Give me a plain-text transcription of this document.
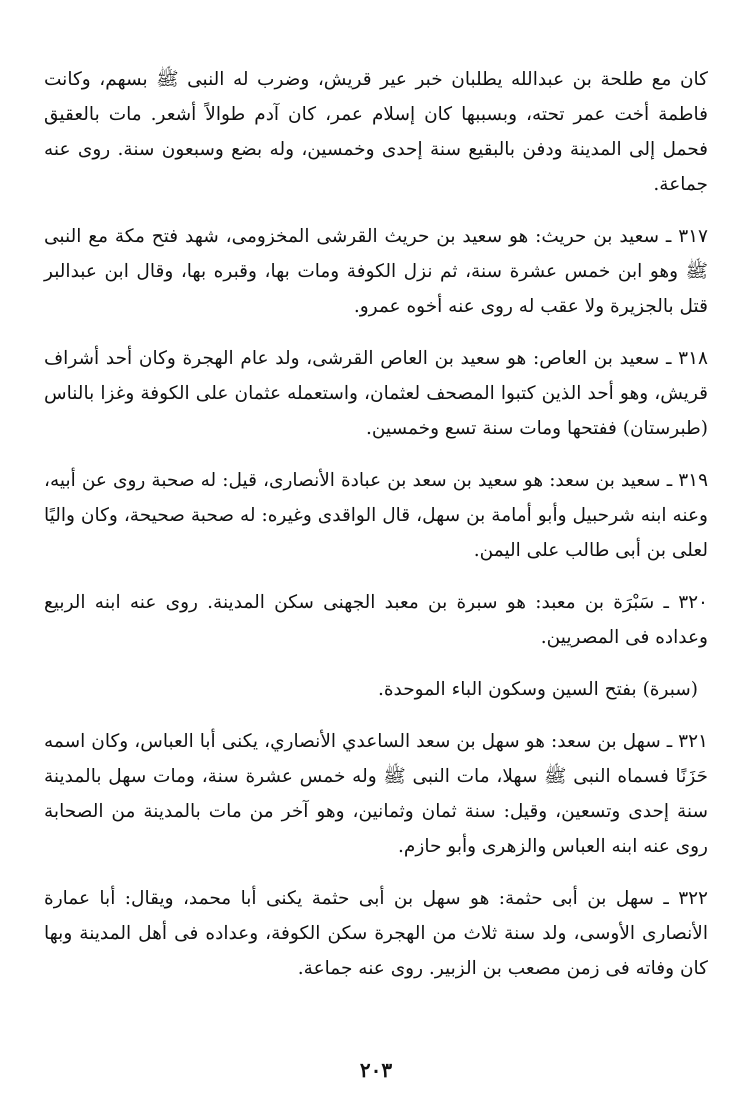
كان مع طلحة بن عبدالله يطلبان خبر عير قريش، وضرب له النبى ﷺ بسهم، وكانت فاطمة أخت عمر تحته، وبسببها كان إسلام عمر، كان آدم طوالاً أشعر. مات بالعقيق فحمل إلى المدينة ودفن بالبقيع سنة إحدى وخمسين، وله بضع وسبعون سنة. روى عنه جماعة.

٣١٧ ـ سعيد بن حريث: هو سعيد بن حريث القرشى المخزومى، شهد فتح مكة مع النبى ﷺ وهو ابن خمس عشرة سنة، ثم نزل الكوفة ومات بها، وقبره بها، وقال ابن عبدالبر قتل بالجزيرة ولا عقب له روى عنه أخوه عمرو.

٣١٨ ـ سعيد بن العاص: هو سعيد بن العاص القرشى، ولد عام الهجرة وكان أحد أشراف قريش، وهو أحد الذين كتبوا المصحف لعثمان، واستعمله عثمان على الكوفة وغزا بالناس (طبرستان) ففتحها ومات سنة تسع وخمسين.

٣١٩ ـ سعيد بن سعد: هو سعيد بن سعد بن عبادة الأنصارى، قيل: له صحبة روى عن أبيه، وعنه ابنه شرحبيل وأبو أمامة بن سهل، قال الواقدى وغيره: له صحبة صحيحة، وكان واليًا لعلى بن أبى طالب على اليمن.

٣٢٠ ـ سَبْرَة بن معبد: هو سبرة بن معبد الجهنى سكن المدينة. روى عنه ابنه الربيع وعداده فى المصريين.

(سبرة) بفتح السين وسكون الباء الموحدة.

٣٢١ ـ سهل بن سعد: هو سهل بن سعد الساعدي الأنصاري، يكنى أبا العباس، وكان اسمه حَزَنًا فسماه النبى ﷺ سهلا، مات النبى ﷺ وله خمس عشرة سنة، ومات سهل بالمدينة سنة إحدى وتسعين، وقيل: سنة ثمان وثمانين، وهو آخر من مات بالمدينة من الصحابة روى عنه ابنه العباس والزهرى وأبو حازم.

٣٢٢ ـ سهل بن أبى حثمة: هو سهل بن أبى حثمة يكنى أبا محمد، ويقال: أبا عمارة الأنصارى الأوسى، ولد سنة ثلاث من الهجرة سكن الكوفة، وعداده فى أهل المدينة وبها كان وفاته فى زمن مصعب بن الزبير. روى عنه جماعة.

٢٠٣
